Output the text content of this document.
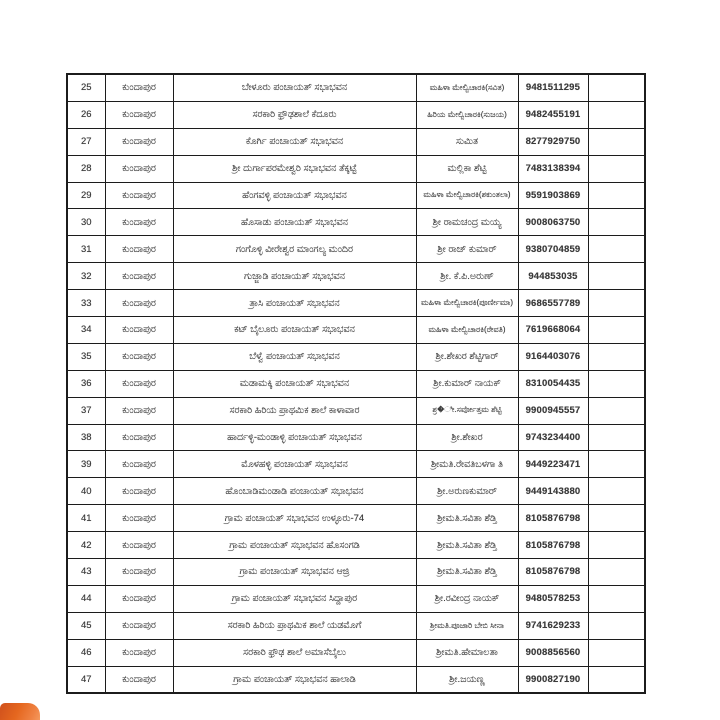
25	ಕುಂದಾಪುರ	ಬೇಳೂರು ಪಂಚಾಯತ್ ಸಭಾಭವನ	ಮಹಿಳಾ ಮೇಲ್ವಿಚಾರಕಿ(ಸವಿತ)	9481511295	
26	ಕುಂದಾಪುರ	ಸರಕಾರಿ ಫ್ರೌಢಶಾಲೆ ಕೆದೂರು	ಹಿರಿಯ ಮೇಲ್ವಿಚಾರಕಿ(ಸುಜಯ)	9482455191	
27	ಕುಂದಾಪುರ	ಕೊರ್ಗಿ ಪಂಚಾಯತ್ ಸಭಾಭವನ	ಸುಮಿತ	8277929750	
28	ಕುಂದಾಪುರ	ಶ್ರೀ ದುರ್ಗಾಪರಮೇಶ್ವರಿ ಸಭಾಭವನ ತೆಕ್ಕಟ್ಟೆ	ಮಲ್ಲಿಕಾ ಶೆಟ್ಟಿ	7483138394	
29	ಕುಂದಾಪುರ	ಹೆಂಗವಳ್ಳಿ ಪಂಚಾಯತ್ ಸಭಾಭವನ	ಮಹಿಳಾ ಮೇಲ್ವಿಚಾರಕಿ(ಶಕುಂತಲಾ)	9591903869	
30	ಕುಂದಾಪುರ	ಹೊಸಾಡು ಪಂಚಾಯತ್ ಸಭಾಭವನ	ಶ್ರೀ ರಾಮಚಂದ್ರ ಮಯ್ಯ	9008063750	
31	ಕುಂದಾಪುರ	ಗಂಗೊಳ್ಳಿ ವೀರೇಶ್ವರ ಮಾಂಗಲ್ಯ ಮಂದಿರ	ಶ್ರೀ ರಾಜ್ ಕುಮಾರ್	9380704859	
32	ಕುಂದಾಪುರ	ಗುಜ್ಜಾಡಿ ಪಂಚಾಯತ್ ಸಭಾಭವನ	ಶ್ರೀ. ಕೆ.ಪಿ.ಅರುಣ್	944853035	
33	ಕುಂದಾಪುರ	ತ್ರಾಸಿ ಪಂಚಾಯತ್ ಸಭಾಭವನ	ಮಹಿಳಾ ಮೇಲ್ವಿಚಾರಕಿ(ಪೂರ್ಣೀಮಾ)	9686557789	
34	ಕುಂದಾಪುರ	ಕಟ್ ಬೈಲೂರು ಪಂಚಾಯತ್ ಸಭಾಭವನ	ಮಹಿಳಾ ಮೇಲ್ವಿಚಾರಕಿ(ರೇವತಿ)	7619668064	
35	ಕುಂದಾಪುರ	ಬೆಳ್ವೆ ಪಂಚಾಯತ್ ಸಭಾಭವನ	ಶ್ರೀ.ಶೇಖರ ಶೆಟ್ಟಿಗಾರ್	9164403076	
36	ಕುಂದಾಪುರ	ಮಡಾಮಕ್ಕಿ ಪಂಚಾಯತ್ ಸಭಾಭವನ	ಶ್ರೀ.ಕುಮಾರ್ ನಾಯಕ್	8310054435	
37	ಕುಂದಾಪುರ	ಸರಕಾರಿ ಹಿರಿಯ ಪ್ರಾಥಮಿಕ ಶಾಲೆ ಕಾಳಾವಾರ	ಶ್ರ�ೀ.ಸರ್ವೋತ್ತಮ ಶೆಟ್ಟಿ	9900945557	
38	ಕುಂದಾಪುರ	ಹಾರ್ದಳ್ಳಿ-ಮಂಡಾಳ್ಳಿ ಪಂಚಾಯತ್ ಸಭಾಭವನ	ಶ್ರೀ.ಶೇಖರ	9743234400	
39	ಕುಂದಾಪುರ	ಮೊಳಹಳ್ಳಿ ಪಂಚಾಯತ್ ಸಭಾಭವನ	ಶ್ರೀಮತಿ.ರೇವತಿಬಳಗಾ ತಿ	9449223471	
40	ಕುಂದಾಪುರ	ಹೊಂಬಾಡಿಮಂಡಾಡಿ ಪಂಚಾಯತ್ ಸಭಾಭವನ	ಶ್ರೀ.ಅರುಣಕುಮಾರ್	9449143880	
41	ಕುಂದಾಪುರ	ಗ್ರಾಮ ಪಂಚಾಯತ್ ಸಭಾಭವನ ಉಳ್ಳೂರು-74	ಶ್ರೀಮತಿ.ಸವಿತಾ ಶೆಡ್ತಿ	8105876798	
42	ಕುಂದಾಪುರ	ಗ್ರಾಮ ಪಂಚಾಯತ್ ಸಭಾಭವನ ಹೊಸಂಗಡಿ	ಶ್ರೀಮತಿ.ಸವಿತಾ ಶೆಡ್ತಿ	8105876798	
43	ಕುಂದಾಪುರ	ಗ್ರಾಮ ಪಂಚಾಯತ್ ಸಭಾಭವನ ಆಜ್ರಿ	ಶ್ರೀಮತಿ.ಸವಿತಾ ಶೆಡ್ತಿ	8105876798	
44	ಕುಂದಾಪುರ	ಗ್ರಾಮ ಪಂಚಾಯತ್ ಸಭಾಭವನ ಸಿದ್ದಾಪುರ	ಶ್ರೀ.ರವೀಂದ್ರ ನಾಯಕ್	9480578253	
45	ಕುಂದಾಪುರ	ಸರಕಾರಿ ಹಿರಿಯ ಪ್ರಾಥಮಿಕ ಶಾಲೆ ಯಡಮೊಗೆ	ಶ್ರೀಮತಿ.ಪೂಜಾರಿ ಬೇಬಿ ಸೀನಾ	9741629233	
46	ಕುಂದಾಪುರ	ಸರಕಾರಿ ಫ್ರೌಢ ಶಾಲೆ ಅಮಾಸೆಬೈಲು	ಶ್ರೀಮತಿ.ಹೇಮಾಲತಾ	9008856560	
47	ಕುಂದಾಪುರ	ಗ್ರಾಮ ಪಂಚಾಯತ್ ಸಭಾಭವನ ಹಾಲಾಡಿ	ಶ್ರೀ.ಜಯಣ್ಣ	9900827190	
